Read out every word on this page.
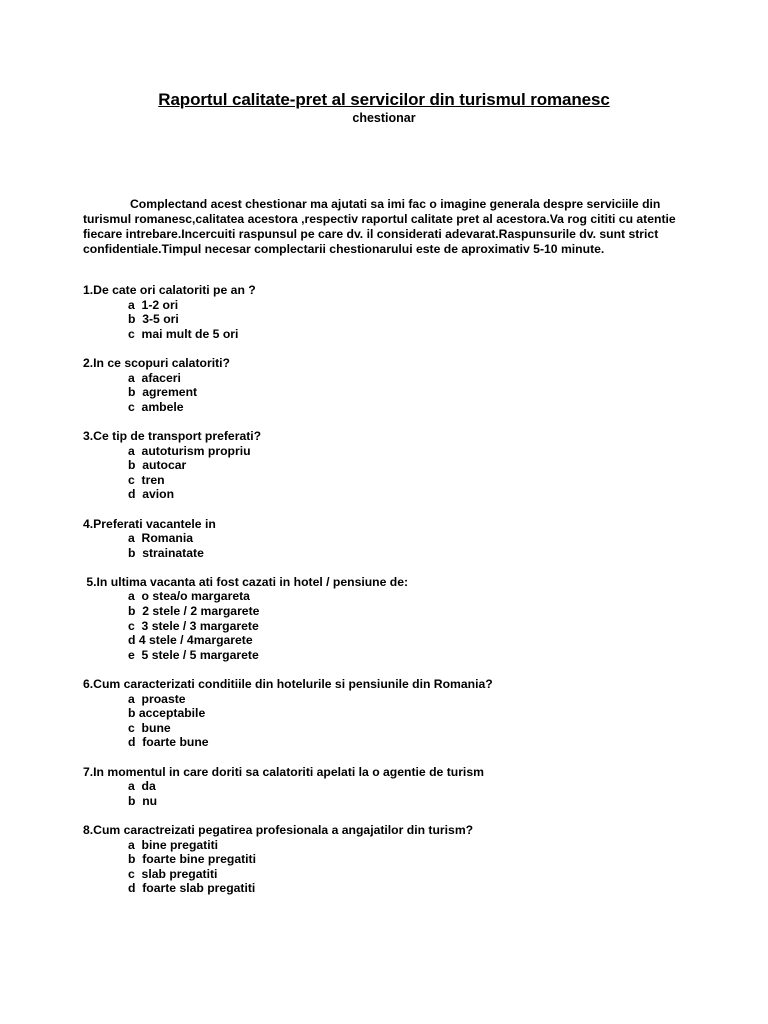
Raportul calitate-pret al servicilor din turismul romanesc
chestionar

Complectand acest chestionar ma ajutati sa imi fac o imagine generala despre serviciile din turismul romanesc,calitatea acestora ,respectiv raportul calitate pret al acestora.Va rog cititi cu atentie fiecare intrebare.Incercuiti raspunsul pe care dv. il considerati adevarat.Raspunsurile dv. sunt strict confidentiale.Timpul necesar complectarii chestionarului este de aproximativ 5-10 minute.

1.De cate ori calatoriti pe an ?

a  1-2 ori
b  3-5 ori
c  mai mult de 5 ori

2.In ce scopuri calatoriti?

a  afaceri
b  agrement
c  ambele

3.Ce tip de transport preferati?

a  autoturism propriu
b  autocar
c  tren
d  avion

4.Preferati vacantele in

a  Romania
b  strainatate

5.In ultima vacanta ati fost cazati in hotel / pensiune de:

a  o stea/o margareta
b  2 stele / 2 margarete
c  3 stele / 3 margarete
d 4 stele / 4margarete
e  5 stele / 5 margarete

6.Cum caracterizati conditiile din hotelurile si pensiunile din Romania?

a  proaste
b acceptabile
c  bune
d  foarte bune

7.In momentul in care doriti sa calatoriti apelati la o agentie de turism

a  da
b  nu

8.Cum caractreizati pegatirea profesionala a angajatilor din turism?

a  bine pregatiti
b  foarte bine pregatiti
c  slab pregatiti
d  foarte slab pregatiti
